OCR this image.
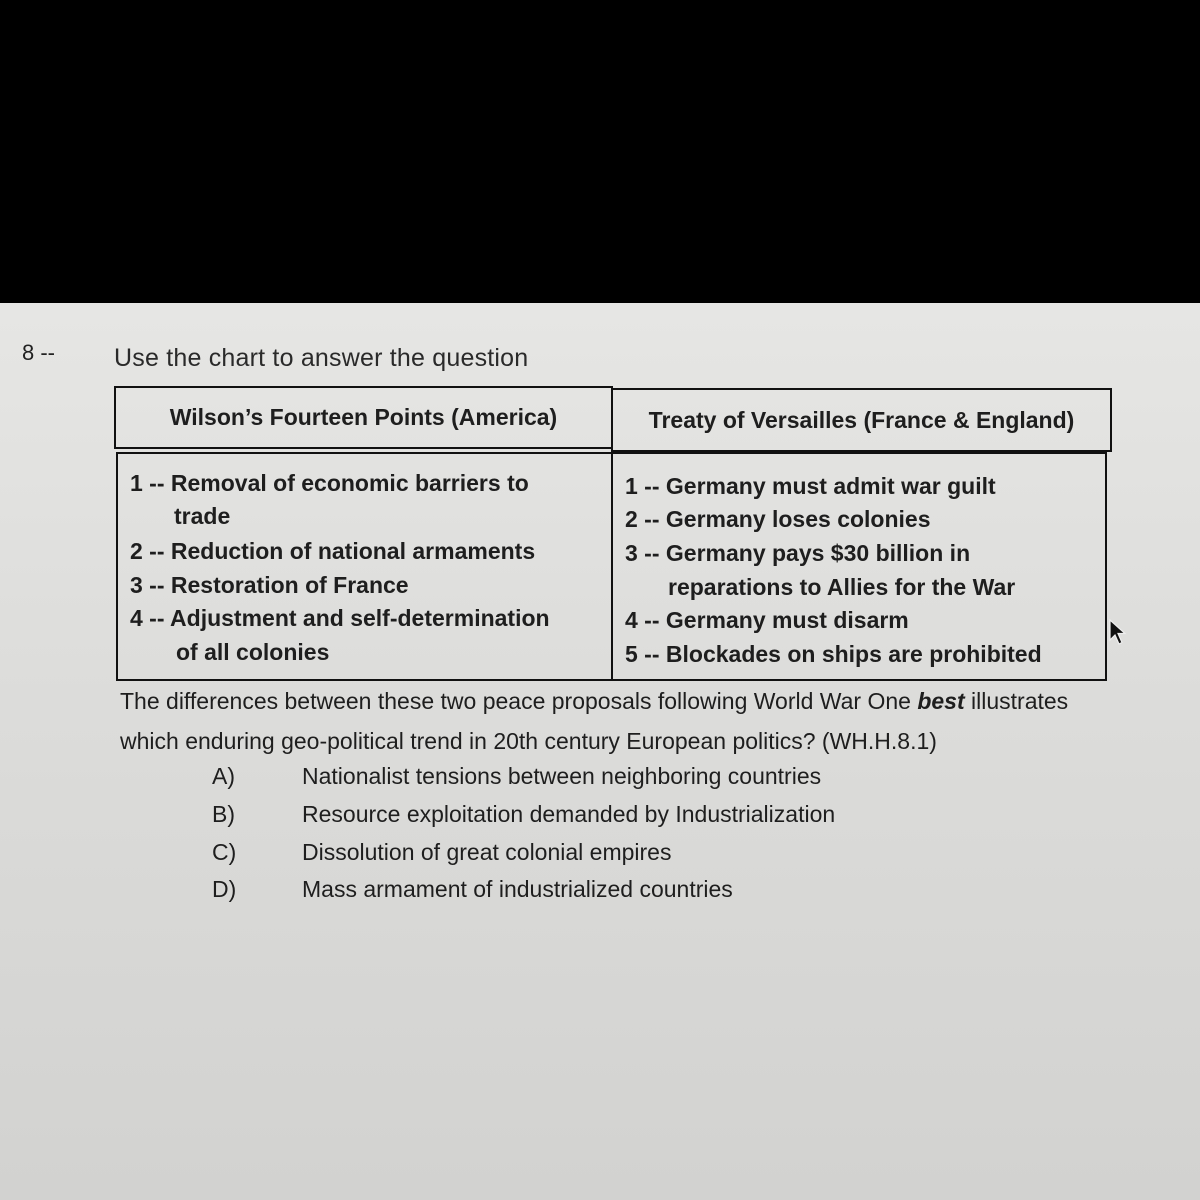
8 -- Use the chart to answer the question
Wilson’s Fourteen Points (America)	Treaty of Versailles (France & England)
1 -- Removal of economic barriers to
trade
2 -- Reduction of national armaments
3 -- Restoration of France
4 -- Adjustment and self-determination
of all colonies
1 -- Germany must admit war guilt
2 -- Germany loses colonies
3 -- Germany pays $30 billion in
reparations to Allies for the War
4 -- Germany must disarm
5 -- Blockades on ships are prohibited
The differences between these two peace proposals following World War One best illustrates
which enduring geo-political trend in 20th century European politics? (WH.H.8.1)
A)	Nationalist tensions between neighboring countries
B)	Resource exploitation demanded by Industrialization
C)	Dissolution of great colonial empires
D)	Mass armament of industrialized countries
